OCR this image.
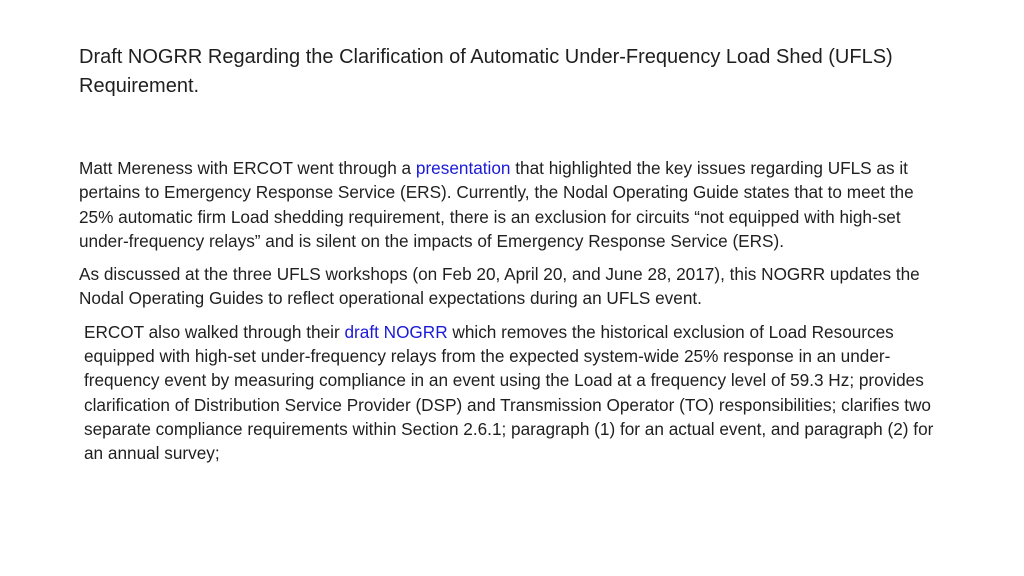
Draft NOGRR Regarding the Clarification of Automatic Under-Frequency Load Shed (UFLS) Requirement.

Matt Mereness with ERCOT went through a presentation that highlighted the key issues regarding UFLS as it pertains to Emergency Response Service (ERS). Currently, the Nodal Operating Guide states that to meet the 25% automatic firm Load shedding requirement, there is an exclusion for circuits “not equipped with high-set under-frequency relays” and is silent on the impacts of Emergency Response Service (ERS).

As discussed at the three UFLS workshops (on Feb 20, April 20, and June 28, 2017), this NOGRR updates the Nodal Operating Guides to reflect operational expectations during an UFLS event.

ERCOT also walked through their draft NOGRR which removes the historical exclusion of Load Resources equipped with high-set under-frequency relays from the expected system-wide 25% response in an under-frequency event by measuring compliance in an event using the Load at a frequency level of 59.3 Hz; provides clarification of Distribution Service Provider (DSP) and Transmission Operator (TO) responsibilities; clarifies two separate compliance requirements within Section 2.6.1; paragraph (1) for an actual event, and paragraph (2) for an annual survey;
